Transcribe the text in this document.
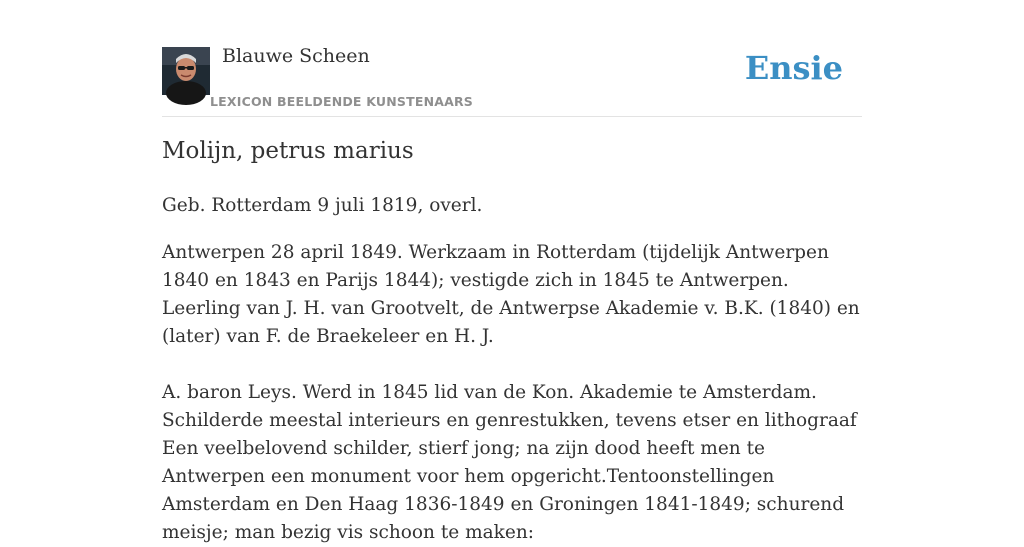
Blauwe Scheen
LEXICON BEELDENDE KUNSTENAARS
Ensie
Molijn, petrus marius

Geb. Rotterdam 9 juli 1819, overl.

Antwerpen 28 april 1849. Werkzaam in Rotterdam (tijdelijk Antwerpen 1840 en 1843 en Parijs 1844); vestigde zich in 1845 te Antwerpen. Leerling van J. H. van Grootvelt, de Antwerpse Akademie v. B.K. (1840) en (later) van F. de Braekeleer en H. J.

A. baron Leys. Werd in 1845 lid van de Kon. Akademie te Amsterdam. Schilderde meestal interieurs en genrestukken, tevens etser en lithograaf Een veelbelovend schilder, stierf jong; na zijn dood heeft men te Antwerpen een monument voor hem opgericht.Tentoonstellingen Amsterdam en Den Haag 1836-1849 en Groningen 1841-1849; schurend meisje; man bezig vis schoon te maken:
